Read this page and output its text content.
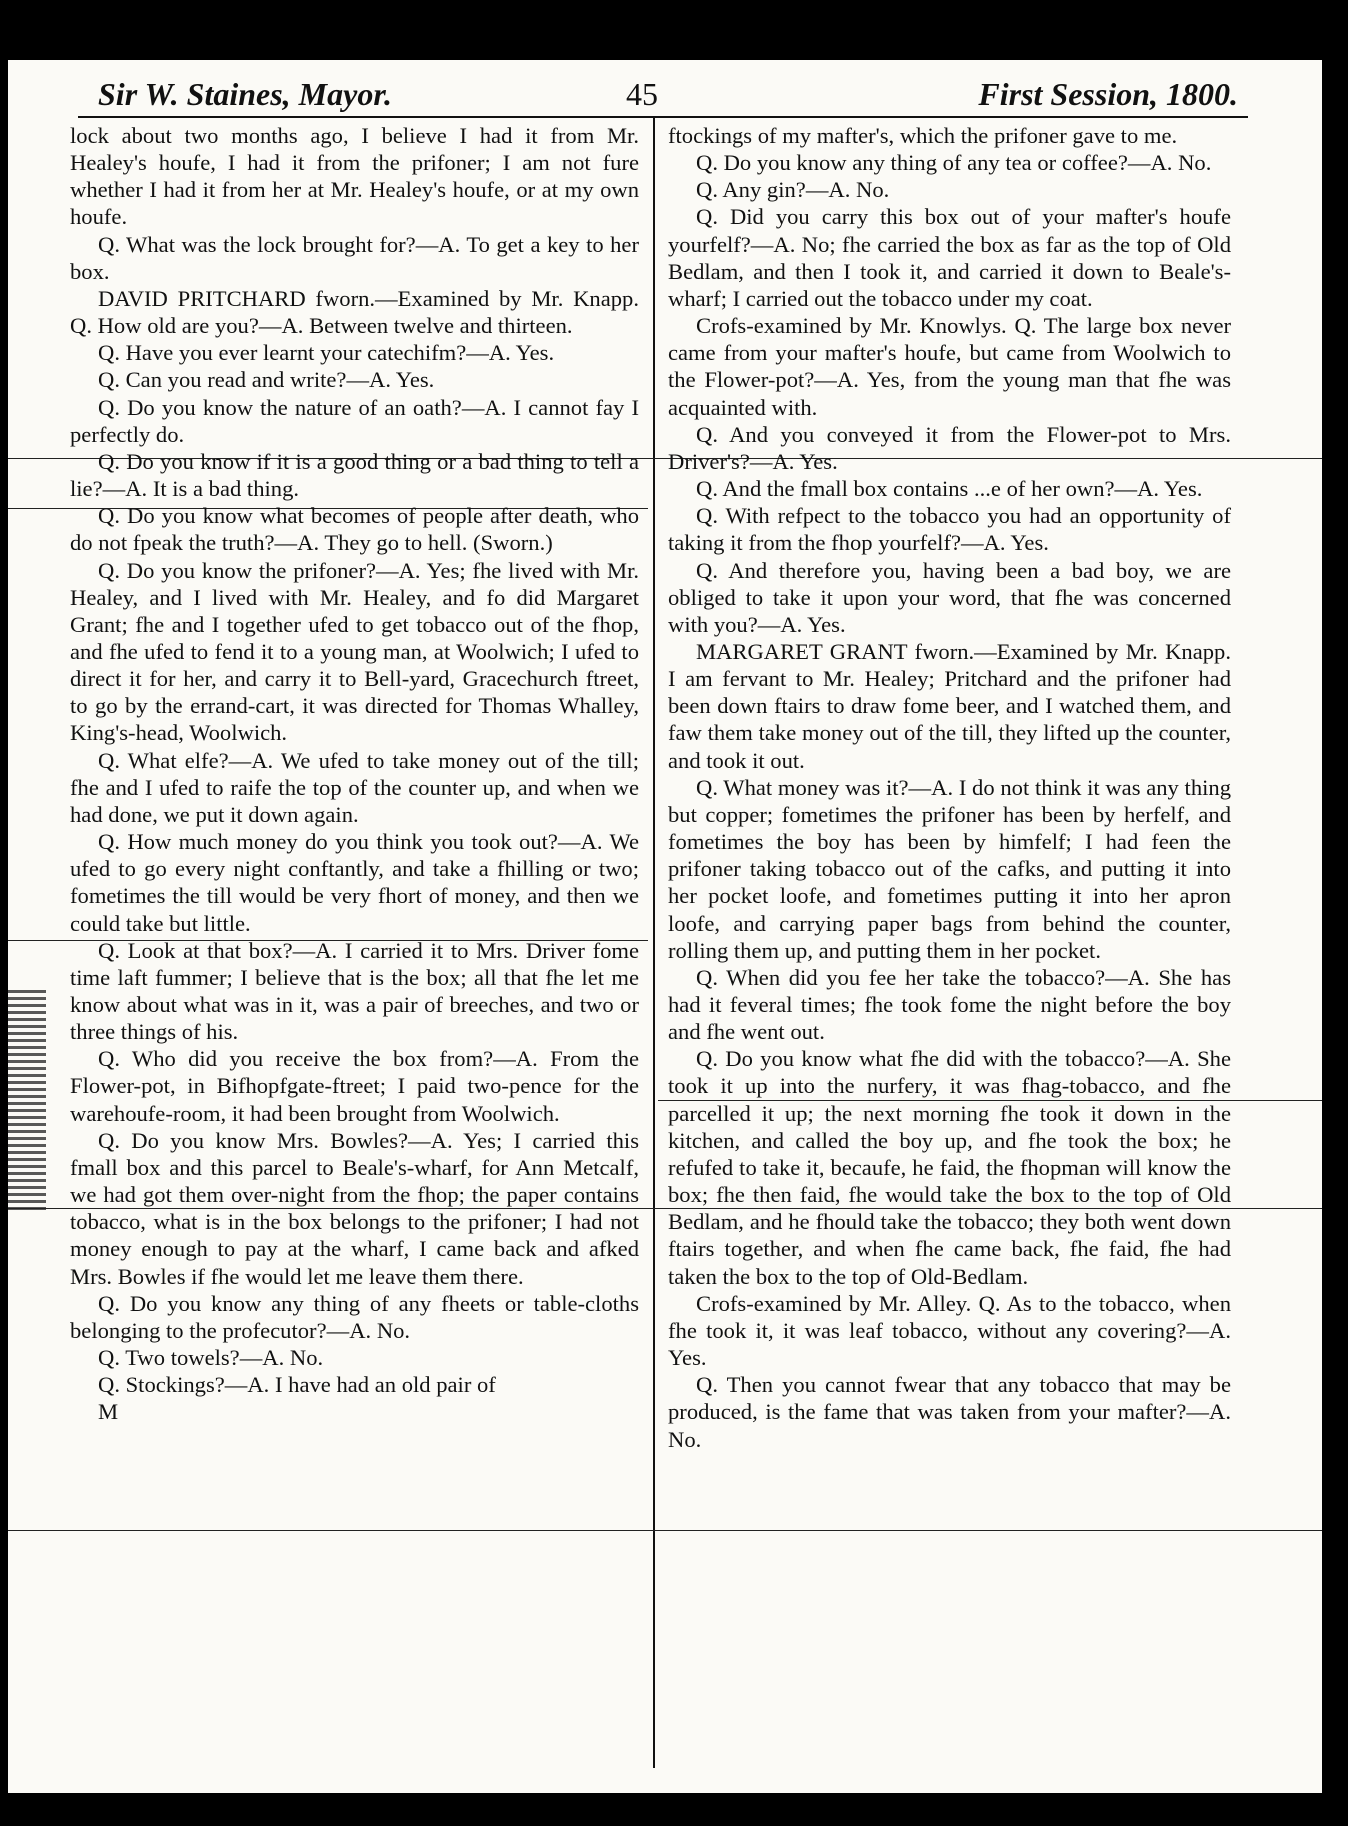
Sir W. Staines, Mayor.	45	First Session, 1800.

lock about two months ago, I believe I had it from Mr. Healey's houfe, I had it from the prifoner; I am not fure whether I had it from her at Mr. Healey's houfe, or at my own houfe.

Q. What was the lock brought for?—A. To get a key to her box.

DAVID PRITCHARD fworn.—Examined by Mr. Knapp. Q. How old are you?—A. Between twelve and thirteen.

Q. Have you ever learnt your catechifm?—A. Yes.

Q. Can you read and write?—A. Yes.

Q. Do you know the nature of an oath?—A. I cannot fay I perfectly do.

Q. Do you know if it is a good thing or a bad thing to tell a lie?—A. It is a bad thing.

Q. Do you know what becomes of people after death, who do not fpeak the truth?—A. They go to hell. (Sworn.)

Q. Do you know the prifoner?—A. Yes; fhe lived with Mr. Healey, and I lived with Mr. Healey, and fo did Margaret Grant; fhe and I together ufed to get tobacco out of the fhop, and fhe ufed to fend it to a young man, at Woolwich; I ufed to direct it for her, and carry it to Bell-yard, Gracechurch ftreet, to go by the errand-cart, it was directed for Thomas Whalley, King's-head, Woolwich.

Q. What elfe?—A. We ufed to take money out of the till; fhe and I ufed to raife the top of the counter up, and when we had done, we put it down again.

Q. How much money do you think you took out?—A. We ufed to go every night conftantly, and take a fhilling or two; fometimes the till would be very fhort of money, and then we could take but little.

Q. Look at that box?—A. I carried it to Mrs. Driver fome time laft fummer; I believe that is the box; all that fhe let me know about what was in it, was a pair of breeches, and two or three things of his.

Q. Who did you receive the box from?—A. From the Flower-pot, in Bifhopfgate-ftreet; I paid two-pence for the warehoufe-room, it had been brought from Woolwich.

Q. Do you know Mrs. Bowles?—A. Yes; I carried this fmall box and this parcel to Beale's-wharf, for Ann Metcalf, we had got them over-night from the fhop; the paper contains tobacco, what is in the box belongs to the prifoner; I had not money enough to pay at the wharf, I came back and afked Mrs. Bowles if fhe would let me leave them there.

Q. Do you know any thing of any fheets or table-cloths belonging to the profecutor?—A. No.

Q. Two towels?—A. No.

Q. Stockings?—A. I have had an old pair of

M

ftockings of my mafter's, which the prifoner gave to me.

Q. Do you know any thing of any tea or coffee?—A. No.

Q. Any gin?—A. No.

Q. Did you carry this box out of your mafter's houfe yourfelf?—A. No; fhe carried the box as far as the top of Old Bedlam, and then I took it, and carried it down to Beale's-wharf; I carried out the tobacco under my coat.

Crofs-examined by Mr. Knowlys. Q. The large box never came from your mafter's houfe, but came from Woolwich to the Flower-pot?—A. Yes, from the young man that fhe was acquainted with.

Q. And you conveyed it from the Flower-pot to Mrs. Driver's?—A. Yes.

Q. And the fmall box contains ...e of her own?—A. Yes.

Q. With refpect to the tobacco you had an opportunity of taking it from the fhop yourfelf?—A. Yes.

Q. And therefore you, having been a bad boy, we are obliged to take it upon your word, that fhe was concerned with you?—A. Yes.

MARGARET GRANT fworn.—Examined by Mr. Knapp. I am fervant to Mr. Healey; Pritchard and the prifoner had been down ftairs to draw fome beer, and I watched them, and faw them take money out of the till, they lifted up the counter, and took it out.

Q. What money was it?—A. I do not think it was any thing but copper; fometimes the prifoner has been by herfelf, and fometimes the boy has been by himfelf; I had feen the prifoner taking tobacco out of the cafks, and putting it into her pocket loofe, and fometimes putting it into her apron loofe, and carrying paper bags from behind the counter, rolling them up, and putting them in her pocket.

Q. When did you fee her take the tobacco?—A. She has had it feveral times; fhe took fome the night before the boy and fhe went out.

Q. Do you know what fhe did with the tobacco?—A. She took it up into the nurfery, it was fhag-tobacco, and fhe parcelled it up; the next morning fhe took it down in the kitchen, and called the boy up, and fhe took the box; he refufed to take it, becaufe, he faid, the fhopman will know the box; fhe then faid, fhe would take the box to the top of Old Bedlam, and he fhould take the tobacco; they both went down ftairs together, and when fhe came back, fhe faid, fhe had taken the box to the top of Old-Bedlam.

Crofs-examined by Mr. Alley. Q. As to the tobacco, when fhe took it, it was leaf tobacco, without any covering?—A. Yes.

Q. Then you cannot fwear that any tobacco that may be produced, is the fame that was taken from your mafter?—A. No.
